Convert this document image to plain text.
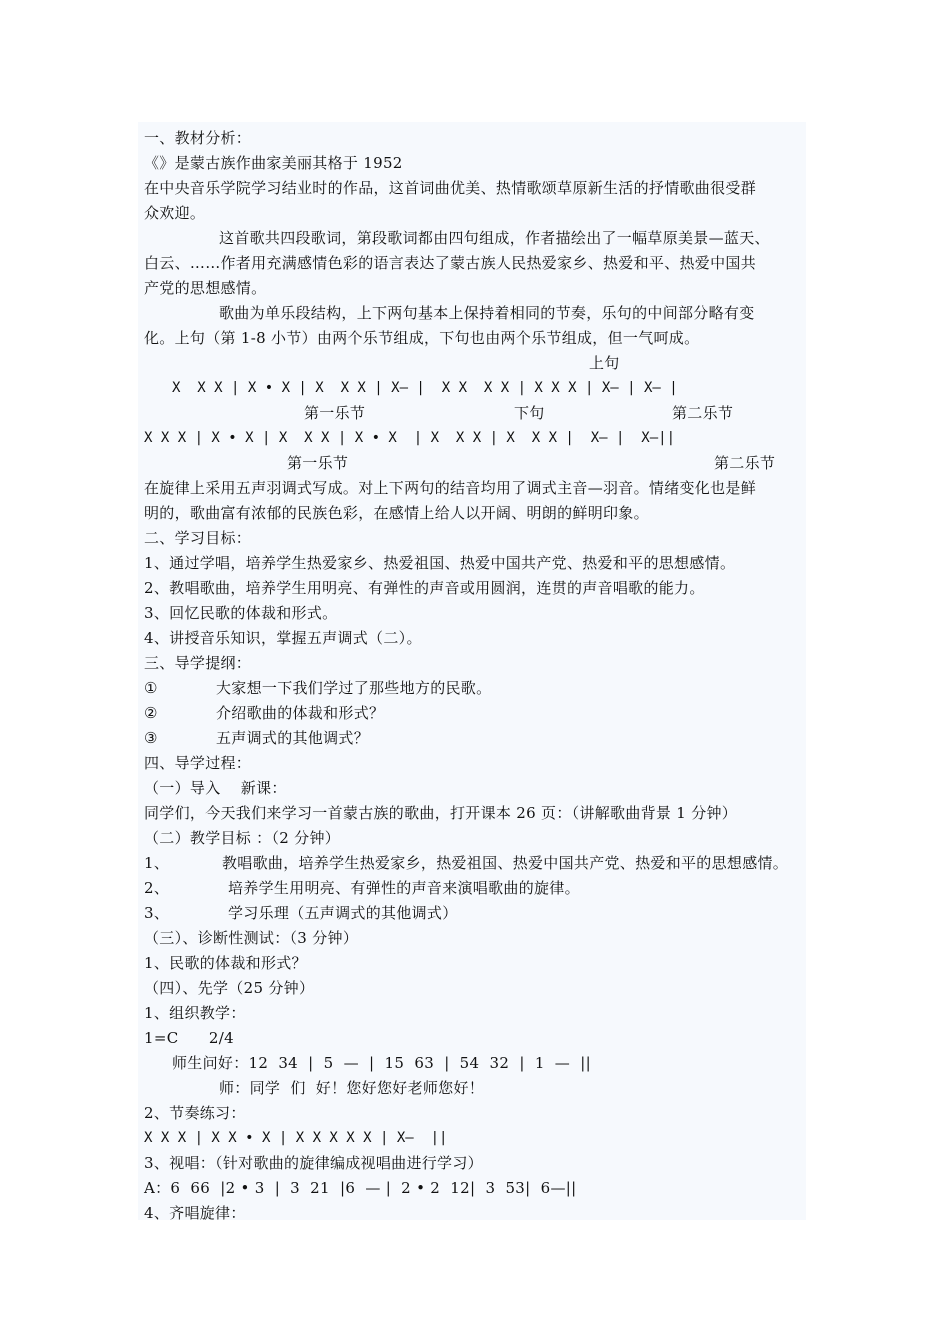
一、教材分析：
《》是蒙古族作曲家美丽其格于 1952
在中央音乐学院学习结业时的作品，这首词曲优美、热情歌颂草原新生活的抒情歌曲很受群
众欢迎。
这首歌共四段歌词，第段歌词都由四句组成，作者描绘出了一幅草原美景—蓝天、
白云、……作者用充满感情色彩的语言表达了蒙古族人民热爱家乡、热爱和平、热爱中国共
产党的思想感情。
歌曲为单乐段结构，上下两句基本上保持着相同的节奏，乐句的中间部分略有变
化。上句（第 1-8 小节）由两个乐节组成，下句也由两个乐节组成，但一气呵成。
上句
X  X X | X • X | X  X X | X— |  X X  X X | X X X | X— | X— |
第一乐节	下句	第二乐节
X X X | X • X | X  X X | X • X  | X  X X | X  X X |  X— |  X—||
第一乐节	第二乐节
在旋律上采用五声羽调式写成。对上下两句的结音均用了调式主音—羽音。情绪变化也是鲜
明的，歌曲富有浓郁的民族色彩，在感情上给人以开阔、明朗的鲜明印象。
二、学习目标：
1、通过学唱，培养学生热爱家乡、热爱祖国、热爱中国共产党、热爱和平的思想感情。
2、教唱歌曲，培养学生用明亮、有弹性的声音或用圆润，连贯的声音唱歌的能力。
3、回忆民歌的体裁和形式。
4、讲授音乐知识，掌握五声调式（二）。
三、导学提纲：
①	大家想一下我们学过了那些地方的民歌。
②	介绍歌曲的体裁和形式？
③	五声调式的其他调式？
四、导学过程：
（一）导入    新课：
同学们，今天我们来学习一首蒙古族的歌曲，打开课本 26 页：（讲解歌曲背景 1 分钟）
（二）教学目标 ：（2 分钟）
1、	教唱歌曲，培养学生热爱家乡，热爱祖国、热爱中国共产党、热爱和平的思想感情。
2、	培养学生用明亮、有弹性的声音来演唱歌曲的旋律。
3、	学习乐理（五声调式的其他调式）
（三）、诊断性测试：（3 分钟）
1、民歌的体裁和形式？
（四）、先学（25 分钟）
1、组织教学：
1=C      2/4
师生问好：12  34  |  5  —  |  15  63  |  54  32  |  1  —  ||
师：同学  们  好！您好您好老师您好！
2、节奏练习：
X X X | X X • X | X X X X X | X—  ||
3、视唱：（针对歌曲的旋律编成视唱曲进行学习）
A：6  66  |2 • 3  |  3  21  |6  — |  2 • 2  12|  3  53|  6—||
4、齐唱旋律：
